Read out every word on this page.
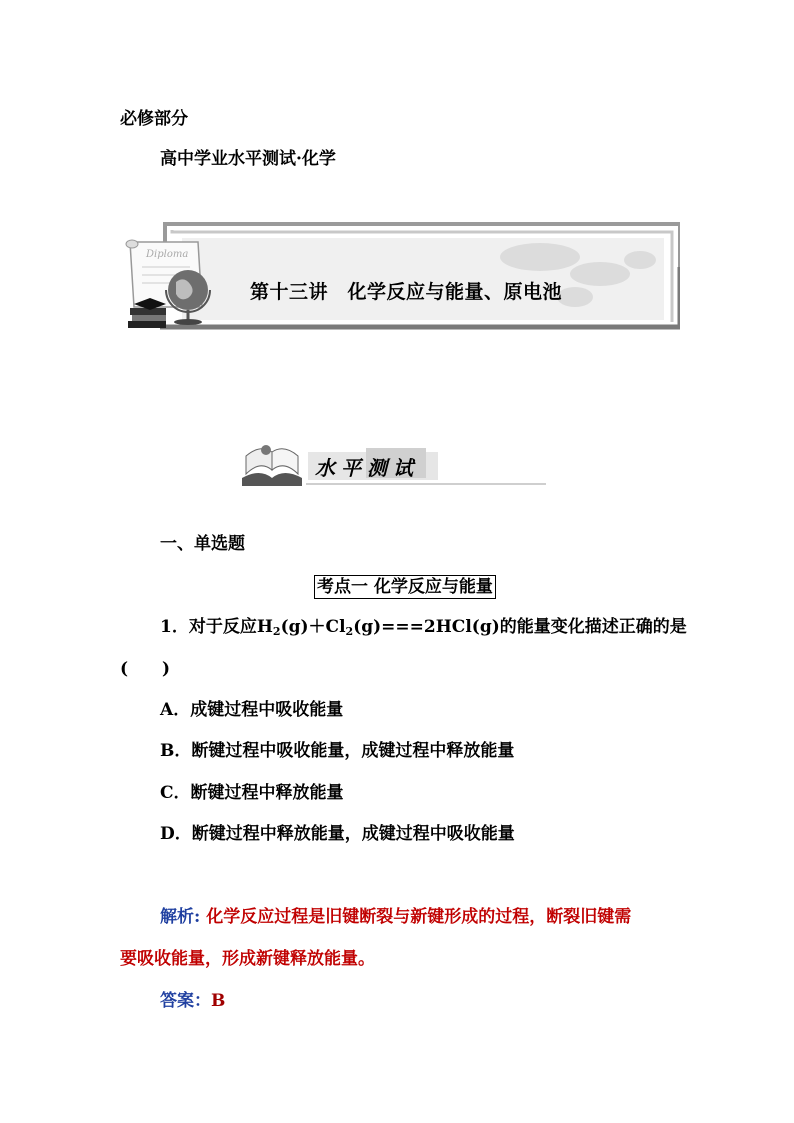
必修部分
高中学业水平测试·化学
Diploma
第十三讲　化学反应与能量、原电池
水平测试
一、单选题
考点一 化学反应与能量
1．对于反应$H_2(g)+Cl_2(g)===2HCl(g)$的能量变化描述正确的是
(　　)
A．成键过程中吸收能量
B．断键过程中吸收能量，成键过程中释放能量
C．断键过程中释放能量
D．断键过程中释放能量，成键过程中吸收能量
解析: 化学反应过程是旧键断裂与新键形成的过程，断裂旧键需
要吸收能量，形成新键释放能量。
答案：B
